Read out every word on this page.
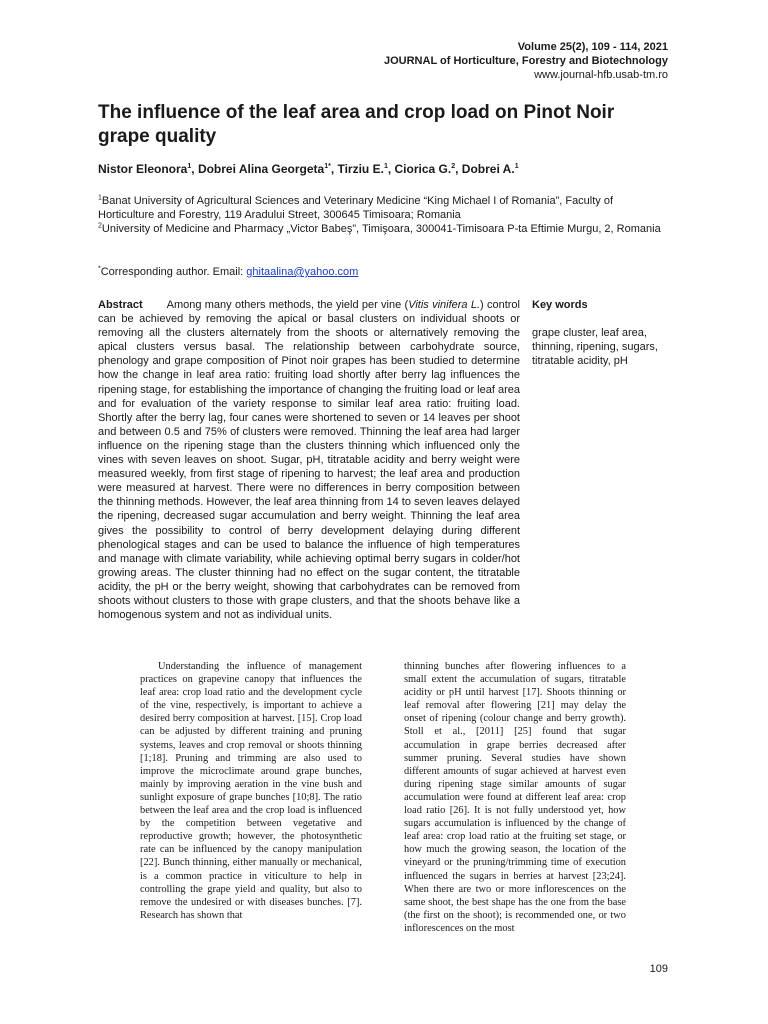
Volume 25(2), 109 - 114, 2021
JOURNAL of Horticulture, Forestry and Biotechnology
www.journal-hfb.usab-tm.ro
The influence of the leaf area and crop load on Pinot Noir grape quality
Nistor Eleonora$^1$, Dobrei Alina Georgeta$^{1*}$, Tirziu E.$^1$, Ciorica G.$^2$, Dobrei A.$^1$
$^1$Banat University of Agricultural Sciences and Veterinary Medicine “King Michael I of Romania”, Faculty of Horticulture and Forestry, 119 Aradului Street, 300645 Timisoara; Romania
$^2$University of Medicine and Pharmacy „Victor Babeş”, Timişoara, 300041-Timisoara P-ta Eftimie Murgu, 2, Romania
*Corresponding author. Email: ghitaalina@yahoo.com
Abstract Among many others methods, the yield per vine (Vitis vinifera L.) control can be achieved by removing the apical or basal clusters on individual shoots or removing all the clusters alternately from the shoots or alternatively removing the apical clusters versus basal. The relationship between carbohydrate source, phenology and grape composition of Pinot noir grapes has been studied to determine how the change in leaf area ratio: fruiting load shortly after berry lag influences the ripening stage, for establishing the importance of changing the fruiting load or leaf area and for evaluation of the variety response to similar leaf area ratio: fruiting load. Shortly after the berry lag, four canes were shortened to seven or 14 leaves per shoot and between 0.5 and 75% of clusters were removed. Thinning the leaf area had larger influence on the ripening stage than the clusters thinning which influenced only the vines with seven leaves on shoot. Sugar, pH, titratable acidity and berry weight were measured weekly, from first stage of ripening to harvest; the leaf area and production were measured at harvest. There were no differences in berry composition between the thinning methods. However, the leaf area thinning from 14 to seven leaves delayed the ripening, decreased sugar accumulation and berry weight. Thinning the leaf area gives the possibility to control of berry development delaying during different phenological stages and can be used to balance the influence of high temperatures and manage with climate variability, while achieving optimal berry sugars in colder/hot growing areas. The cluster thinning had no effect on the sugar content, the titratable acidity, the pH or the berry weight, showing that carbohydrates can be removed from shoots without clusters to those with grape clusters, and that the shoots behave like a homogenous system and not as individual units.
Key words
grape cluster, leaf area, thinning, ripening, sugars, titratable acidity, pH

Understanding the influence of management practices on grapevine canopy that influences the leaf area: crop load ratio and the development cycle of the vine, respectively, is important to achieve a desired berry composition at harvest. [15]. Crop load can be adjusted by different training and pruning systems, leaves and crop removal or shoots thinning [1;18]. Pruning and trimming are also used to improve the microclimate around grape bunches, mainly by improving aeration in the vine bush and sunlight exposure of grape bunches [10;8]. The ratio between the leaf area and the crop load is influenced by the competition between vegetative and reproductive growth; however, the photosynthetic rate can be influenced by the canopy manipulation [22]. Bunch thinning, either manually or mechanical, is a common practice in viticulture to help in controlling the grape yield and quality, but also to remove the undesired or with diseases bunches. [7]. Research has shown that

thinning bunches after flowering influences to a small extent the accumulation of sugars, titratable acidity or pH until harvest [17]. Shoots thinning or leaf removal after flowering [21] may delay the onset of ripening (colour change and berry growth). Stoll et al., [2011] [25] found that sugar accumulation in grape berries decreased after summer pruning. Several studies have shown different amounts of sugar achieved at harvest even during ripening stage similar amounts of sugar accumulation were found at different leaf area: crop load ratio [26]. It is not fully understood yet, how sugars accumulation is influenced by the change of leaf area: crop load ratio at the fruiting set stage, or how much the growing season, the location of the vineyard or the pruning/trimming time of execution influenced the sugars in berries at harvest [23;24]. When there are two or more inflorescences on the same shoot, the best shape has the one from the base (the first on the shoot); is recommended one, or two inflorescences on the most

109
